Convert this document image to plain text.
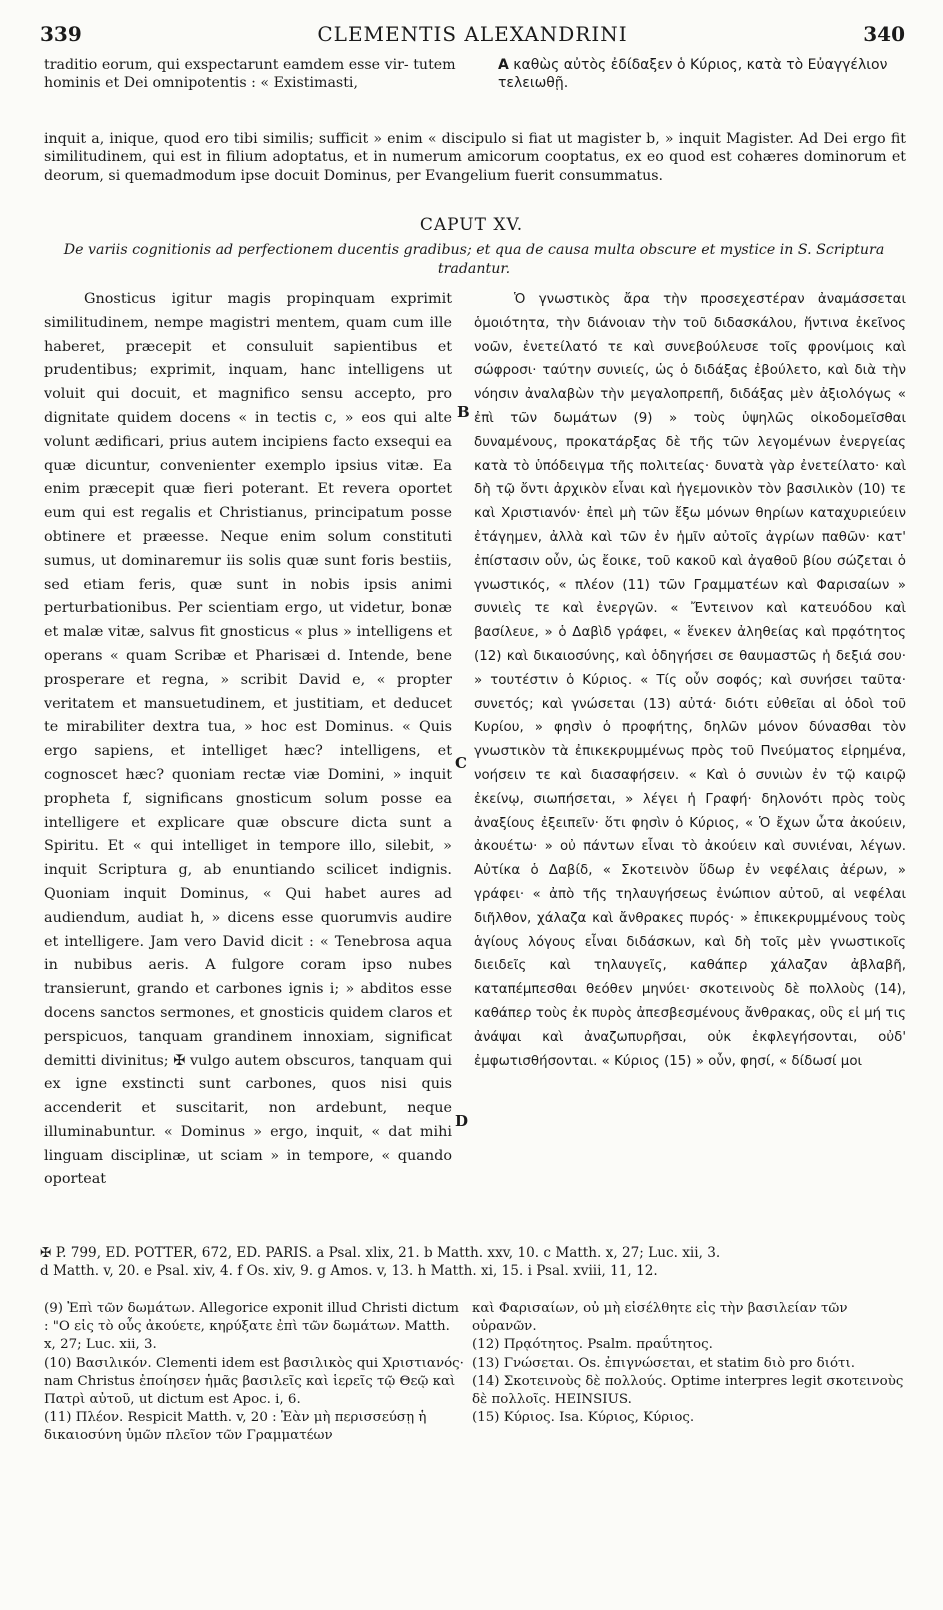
339	CLEMENTIS ALEXANDRINI	340
traditio eorum, qui exspectarunt eamdem esse vir- tutem hominis et Dei omnipotentis : « Existimasti,
A καθὼς αὐτὸς ἐδίδαξεν ὁ Κύριος, κατὰ τὸ Εὐαγγέλιον τελειωθῇ.
inquit a, inique, quod ero tibi similis; sufficit » enim « discipulo si fiat ut magister b, » inquit Magister. Ad Dei ergo fit similitudinem, qui est in filium adoptatus, et in numerum amicorum cooptatus, ex eo quod est cohæres dominorum et deorum, si quemadmodum ipse docuit Dominus, per Evangelium fuerit consummatus.
CAPUT XV.
De variis cognitionis ad perfectionem ducentis gradibus; et qua de causa multa obscure et mystice in S. Scriptura tradantur.

Gnosticus igitur magis propinquam exprimit similitudinem, nempe magistri mentem, quam cum ille haberet, præcepit et consuluit sapientibus et prudentibus; exprimit, inquam, hanc intelligens ut voluit qui docuit, et magnifico sensu accepto, pro dignitate quidem docens « in tectis c, » eos qui alte volunt ædificari, prius autem incipiens facto exsequi ea quæ dicuntur, convenienter exemplo ipsius vitæ. Ea enim præcepit quæ fieri poterant. Et revera oportet eum qui est regalis et Christianus, principatum posse obtinere et præesse. Neque enim solum constituti sumus, ut dominaremur iis solis quæ sunt foris bestiis, sed etiam feris, quæ sunt in nobis ipsis animi perturbationibus. Per scientiam ergo, ut videtur, bonæ et malæ vitæ, salvus fit gnosticus « plus » intelligens et operans « quam Scribæ et Pharisæi d. Intende, bene prosperare et regna, » scribit David e, « propter veritatem et mansuetudinem, et justitiam, et deducet te mirabiliter dextra tua, » hoc est Dominus. « Quis ergo sapiens, et intelliget hæc? intelligens, et cognoscet hæc? quoniam rectæ viæ Domini, » inquit propheta f, significans gnosticum solum posse ea intelligere et explicare quæ obscure dicta sunt a Spiritu. Et « qui intelliget in tempore illo, silebit, » inquit Scriptura g, ab enuntiando scilicet indignis. Quoniam inquit Dominus, « Qui habet aures ad audiendum, audiat h, » dicens esse quorumvis audire et intelligere. Jam vero David dicit : « Tenebrosa aqua in nubibus aeris. A fulgore coram ipso nubes transierunt, grando et carbones ignis i; » abditos esse docens sanctos sermones, et gnosticis quidem claros et perspicuos, tanquam grandinem innoxiam, significat demitti divinitus; ✠ vulgo autem obscuros, tanquam qui ex igne exstincti sunt carbones, quos nisi quis accenderit et suscitarit, non ardebunt, neque illuminabuntur. « Dominus » ergo, inquit, « dat mihi linguam disciplinæ, ut sciam » in tempore, « quando oporteat

B
C
D

Ὁ γνωστικὸς ἄρα τὴν προσεχεστέραν ἀναμάσσεται ὁμοιότητα, τὴν διάνοιαν τὴν τοῦ διδασκάλου, ἥντινα ἐκεῖνος νοῶν, ἐνετείλατό τε καὶ συνεβούλευσε τοῖς φρονίμοις καὶ σώφροσι· ταύτην συνιείς, ὡς ὁ διδάξας ἐβούλετο, καὶ διὰ τὴν νόησιν ἀναλαβὼν τὴν μεγαλοπρεπῆ, διδάξας μὲν ἀξιολόγως « ἐπὶ τῶν δωμάτων (9) » τοὺς ὑψηλῶς οἰκοδομεῖσθαι δυναμένους, προκατάρξας δὲ τῆς τῶν λεγομένων ἐνεργείας κατὰ τὸ ὑπόδειγμα τῆς πολιτείας· δυνατὰ γὰρ ἐνετείλατο· καὶ δὴ τῷ ὄντι ἀρχικὸν εἶναι καὶ ἡγεμονικὸν τὸν βασιλικὸν (10) τε καὶ Χριστιανόν· ἐπεὶ μὴ τῶν ἔξω μόνων θηρίων καταχυριεύειν ἐτάγημεν, ἀλλὰ καὶ τῶν ἐν ἡμῖν αὐτοῖς ἀγρίων παθῶν· κατ' ἐπίστασιν οὖν, ὡς ἔοικε, τοῦ κακοῦ καὶ ἀγαθοῦ βίου σώζεται ὁ γνωστικός, « πλέον (11) τῶν Γραμματέων καὶ Φαρισαίων » συνιεὶς τε καὶ ἐνεργῶν. « Ἔντεινον καὶ κατευόδου καὶ βασίλευε, » ὁ Δαβὶδ γράφει, « ἕνεκεν ἀληθείας καὶ πρᾳότητος (12) καὶ δικαιοσύνης, καὶ ὁδηγήσει σε θαυμαστῶς ἡ δεξιά σου· » τουτέστιν ὁ Κύριος. « Τίς οὖν σοφός; καὶ συνήσει ταῦτα· συνετός; καὶ γνώσεται (13) αὐτά· διότι εὐθεῖαι αἱ ὁδοὶ τοῦ Κυρίου, » φησὶν ὁ προφήτης, δηλῶν μόνον δύνασθαι τὸν γνωστικὸν τὰ ἐπικεκρυμμένως πρὸς τοῦ Πνεύματος εἰρημένα, νοήσειν τε καὶ διασαφήσειν. « Καὶ ὁ συνιὼν ἐν τῷ καιρῷ ἐκείνῳ, σιωπήσεται, » λέγει ἡ Γραφή· δηλονότι πρὸς τοὺς ἀναξίους ἐξειπεῖν· ὅτι φησὶν ὁ Κύριος, « Ὁ ἔχων ὦτα ἀκούειν, ἀκουέτω· » οὐ πάντων εἶναι τὸ ἀκούειν καὶ συνιέναι, λέγων. Αὐτίκα ὁ Δαβίδ, « Σκοτεινὸν ὕδωρ ἐν νεφέλαις ἀέρων, » γράφει· « ἀπὸ τῆς τηλαυγήσεως ἐνώπιον αὐτοῦ, αἱ νεφέλαι διῆλθον, χάλαζα καὶ ἄνθρακες πυρός· » ἐπικεκρυμμένους τοὺς ἁγίους λόγους εἶναι διδάσκων, καὶ δὴ τοῖς μὲν γνωστικοῖς διειδεῖς καὶ τηλαυγεῖς, καθάπερ χάλαζαν ἀβλαβῆ, καταπέμπεσθαι θεόθεν μηνύει· σκοτεινοὺς δὲ πολλοὺς (14), καθάπερ τοὺς ἐκ πυρὸς ἀπεσβεσμένους ἄνθρακας, οὓς εἰ μή τις ἀνάψαι καὶ ἀναζωπυρῆσαι, οὐκ ἐκφλεγήσονται, οὐδ' ἐμφωτισθήσονται. « Κύριος (15) » οὖν, φησί, « δίδωσί μοι

✠ P. 799, ED. POTTER, 672, ED. PARIS. a Psal. xlix, 21. b Matth. xxv, 10. c Matth. x, 27; Luc. xii, 3.
d Matth. v, 20. e Psal. xiv, 4. f Os. xiv, 9. g Amos. v, 13. h Matth. xi, 15. i Psal. xviii, 11, 12.

(9) Ἐπὶ τῶν δωμάτων. Allegorice exponit illud Christi dictum : "Ο εἰς τὸ οὖς ἀκούετε, κηρύξατε ἐπὶ τῶν δωμάτων. Matth. x, 27; Luc. xii, 3.

(10) Βασιλικόν. Clementi idem est βασιλικὸς qui Χριστιανός· nam Christus ἐποίησεν ἡμᾶς βασιλεῖς καὶ ἱερεῖς τῷ Θεῷ καὶ Πατρὶ αὐτοῦ, ut dictum est Apoc. i, 6.

(11) Πλέον. Respicit Matth. v, 20 : Ἐὰν μὴ περισσεύσῃ ἡ δικαιοσύνη ὑμῶν πλεῖον τῶν Γραμματέων

καὶ Φαρισαίων, οὐ μὴ εἰσέλθητε εἰς τὴν βασιλείαν τῶν οὐρανῶν.

(12) Πρᾳότητος. Psalm. πραΰτητος.

(13) Γνώσεται. Os. ἐπιγνώσεται, et statim διὸ pro διότι.

(14) Σκοτεινοὺς δὲ πολλούς. Optime interpres legit σκοτεινοὺς δὲ πολλοῖς. HEINSIUS.

(15) Κύριος. Isa. Κύριος, Κύριος.
